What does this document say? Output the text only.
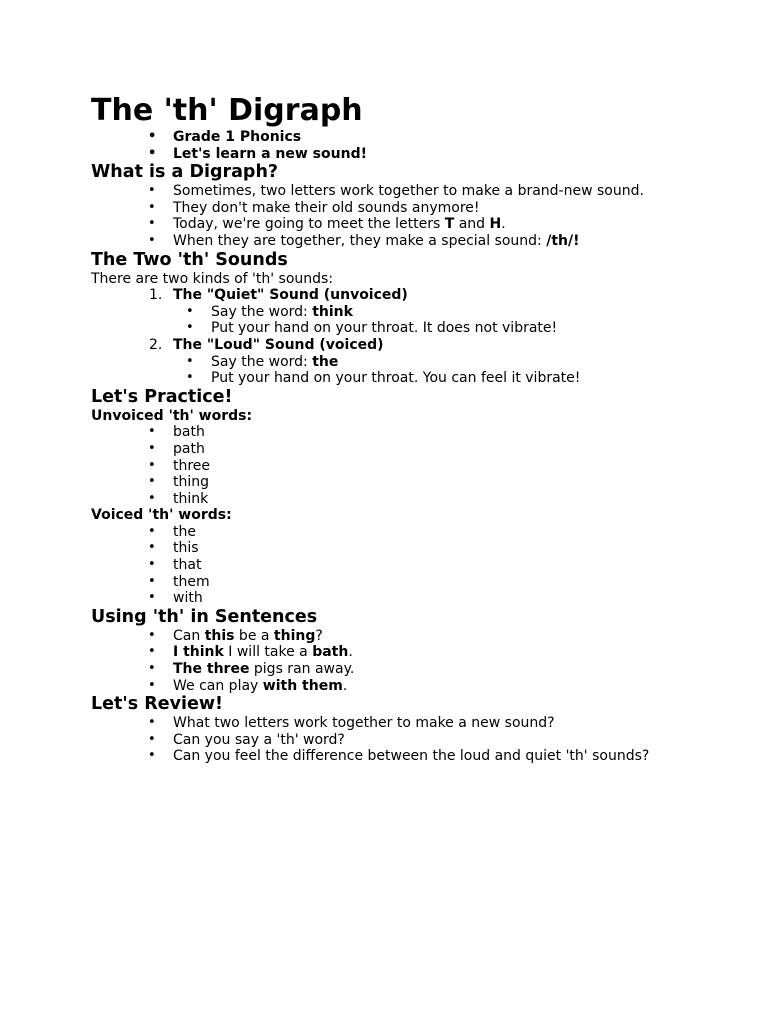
The 'th' Digraph
• Grade 1 Phonics
• Let's learn a new sound!
What is a Digraph?
• Sometimes, two letters work together to make a brand-new sound.
• They don't make their old sounds anymore!
• Today, we're going to meet the letters T and H.
• When they are together, they make a special sound: /th/!
The Two 'th' Sounds

There are two kinds of 'th' sounds:

1. The "Quiet" Sound (unvoiced)
• Say the word: think
• Put your hand on your throat. It does not vibrate!
2. The "Loud" Sound (voiced)
• Say the word: the
• Put your hand on your throat. You can feel it vibrate!
Let's Practice!
Unvoiced 'th' words:
• bath
• path
• three
• thing
• think
Voiced 'th' words:
• the
• this
• that
• them
• with
Using 'th' in Sentences
• Can this be a thing?
• I think I will take a bath.
• The three pigs ran away.
• We can play with them.
Let's Review!
• What two letters work together to make a new sound?
• Can you say a 'th' word?
• Can you feel the difference between the loud and quiet 'th' sounds?
